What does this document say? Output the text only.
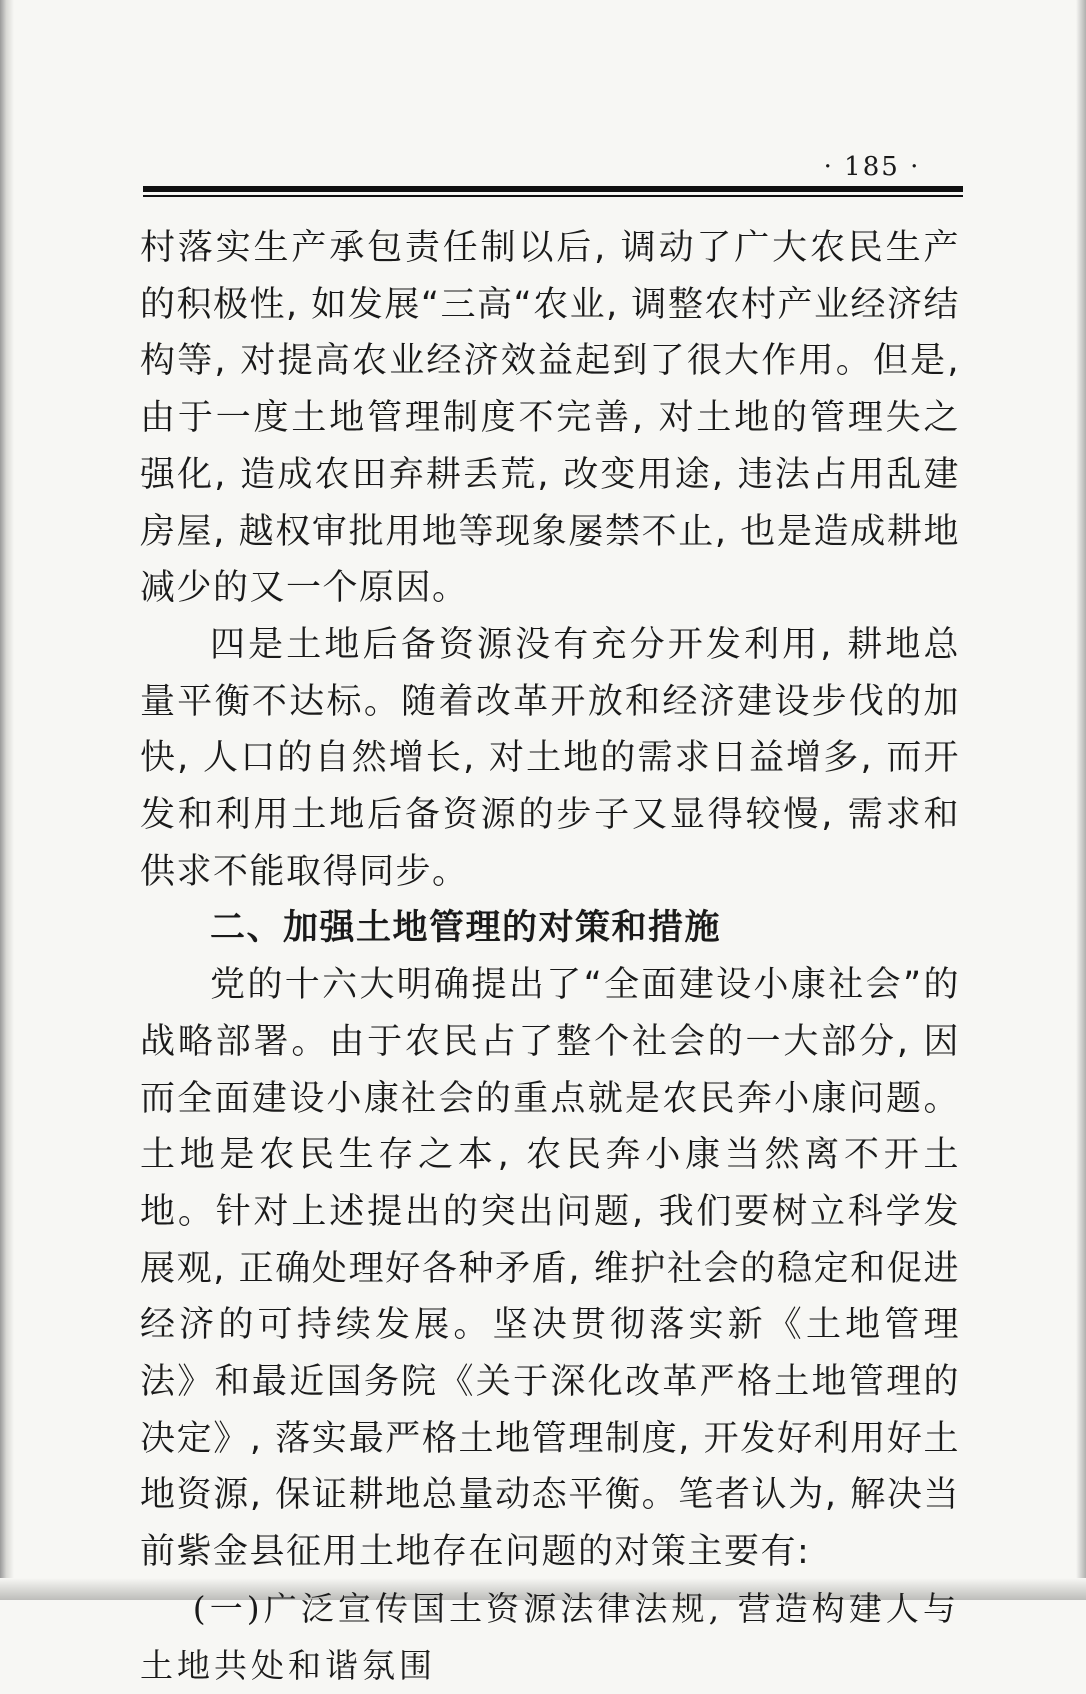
· 185 ·

村落实生产承包责任制以后, 调动了广大农民生产的积极性, 如发展“三高“农业, 调整农村产业经济结构等, 对提高农业经济效益起到了很大作用。但是, 由于一度土地管理制度不完善, 对土地的管理失之强化, 造成农田弃耕丢荒, 改变用途, 违法占用乱建房屋, 越权审批用地等现象屡禁不止, 也是造成耕地减少的又一个原因。

四是土地后备资源没有充分开发利用, 耕地总量平衡不达标。随着改革开放和经济建设步伐的加快, 人口的自然增长, 对土地的需求日益增多, 而开发和利用土地后备资源的步子又显得较慢, 需求和供求不能取得同步。

二、加强土地管理的对策和措施

党的十六大明确提出了“全面建设小康社会”的战略部署。由于农民占了整个社会的一大部分, 因而全面建设小康社会的重点就是农民奔小康问题。土地是农民生存之本, 农民奔小康当然离不开土地。针对上述提出的突出问题, 我们要树立科学发展观, 正确处理好各种矛盾, 维护社会的稳定和促进经济的可持续发展。坚决贯彻落实新《土地管理法》和最近国务院《关于深化改革严格土地管理的决定》, 落实最严格土地管理制度, 开发好利用好土地资源, 保证耕地总量动态平衡。笔者认为, 解决当前紫金县征用土地存在问题的对策主要有:

(一)广泛宣传国土资源法律法规, 营造构建人与土地共处和谐氛围
